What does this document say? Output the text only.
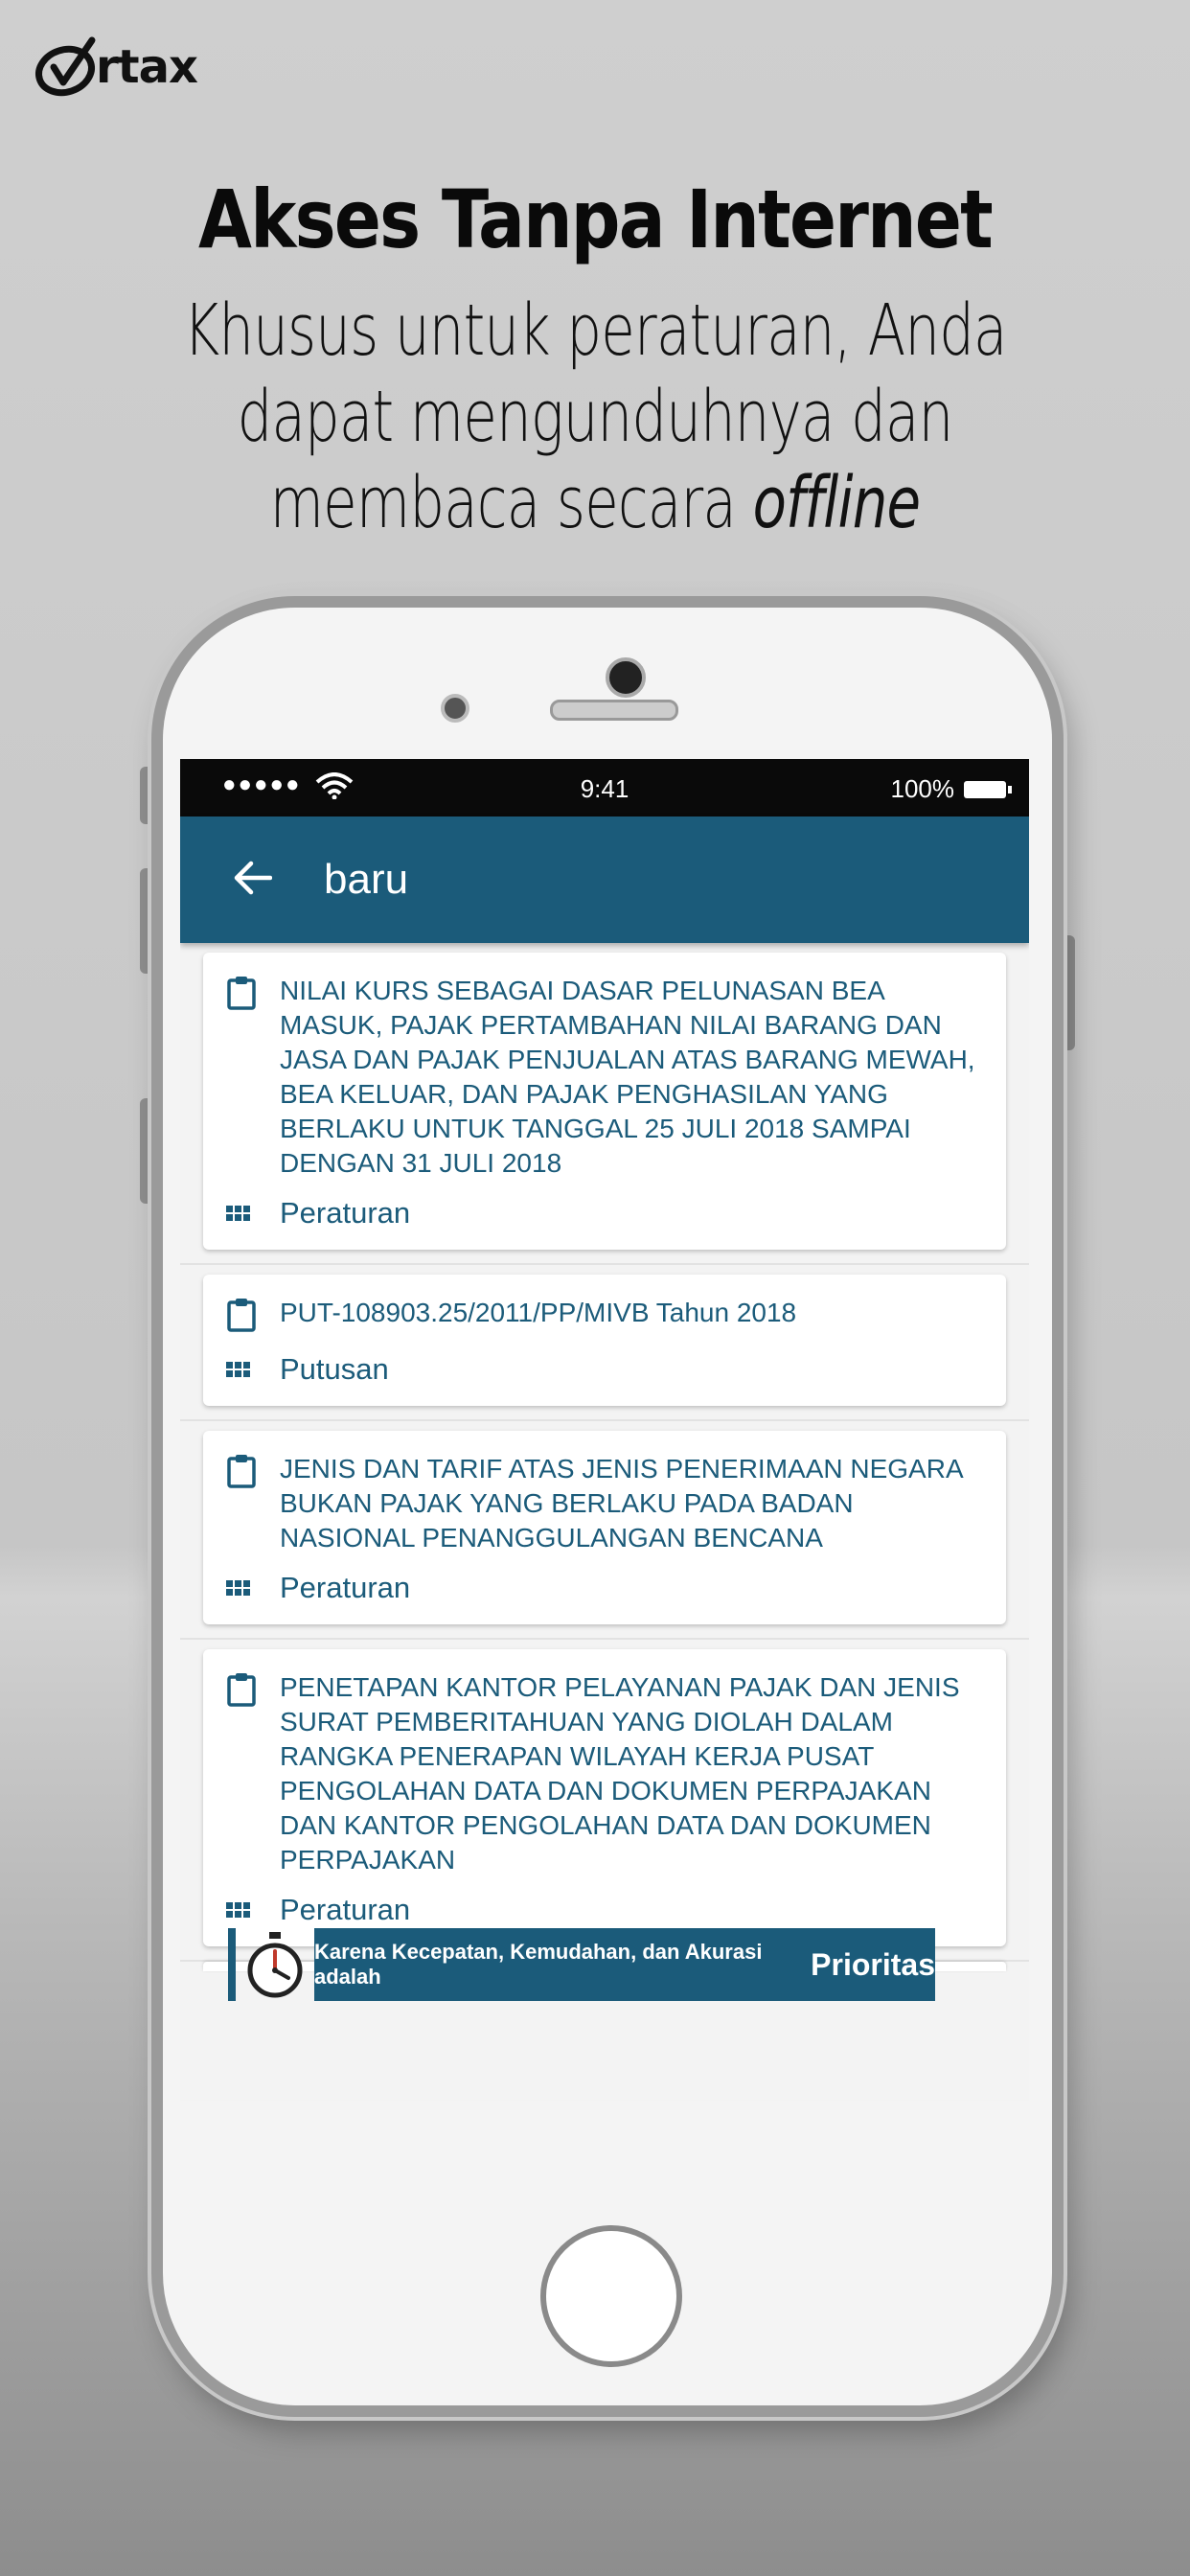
rtax
Akses Tanpa Internet
Khusus untuk peraturan, Anda
dapat mengunduhnya dan
membaca secara offline
●●●●●	9:41	100%
baru
NILAI KURS SEBAGAI DASAR PELUNASAN BEA MASUK, PAJAK PERTAMBAHAN NILAI BARANG DAN JASA DAN PAJAK PENJUALAN ATAS BARANG MEWAH, BEA KELUAR, DAN PAJAK PENGHASILAN YANG BERLAKU UNTUK TANGGAL 25 JULI 2018 SAMPAI DENGAN 31 JULI 2018
Peraturan
PUT-108903.25/2011/PP/MIVB Tahun 2018
Putusan
JENIS DAN TARIF ATAS JENIS PENERIMAAN NEGARA BUKAN PAJAK YANG BERLAKU PADA BADAN NASIONAL PENANGGULANGAN BENCANA
Peraturan
PENETAPAN KANTOR PELAYANAN PAJAK DAN JENIS SURAT PEMBERITAHUAN YANG DIOLAH DALAM RANGKA PENERAPAN WILAYAH KERJA PUSAT PENGOLAHAN DATA DAN DOKUMEN PERPAJAKAN
DAN KANTOR PENGOLAHAN DATA DAN DOKUMEN PERPAJAKAN
Peraturan
Karena Kecepatan, Kemudahan, dan Akurasi adalah	Prioritas
